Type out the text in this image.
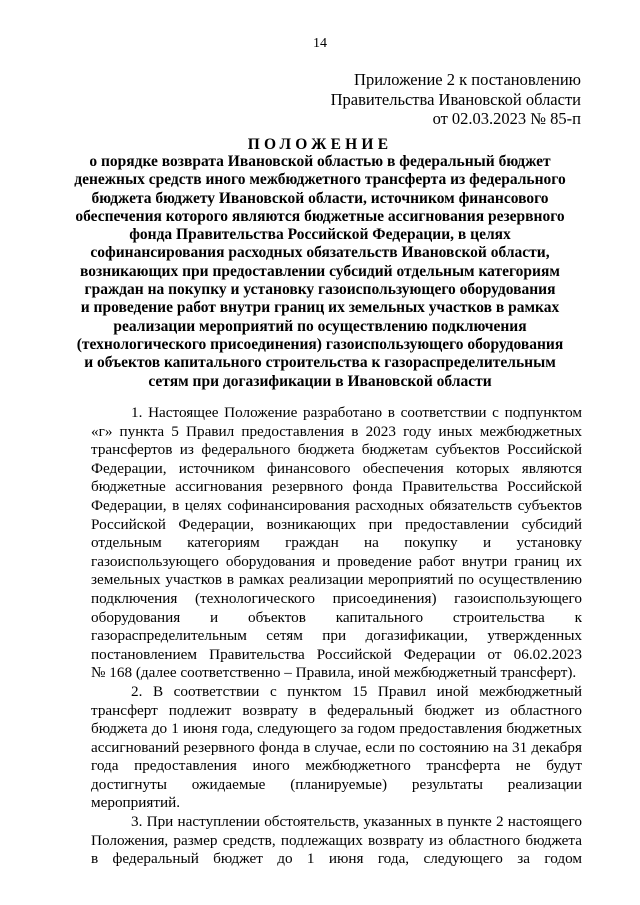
14
Приложение 2 к постановлению
Правительства Ивановской области
от 02.03.2023 № 85-п
ПОЛОЖЕНИЕ
о порядке возврата Ивановской областью в федеральный бюджет
денежных средств иного межбюджетного трансферта из федерального
бюджета бюджету Ивановской области, источником финансового
обеспечения которого являются бюджетные ассигнования резервного
фонда Правительства Российской Федерации, в целях
софинансирования расходных обязательств Ивановской области,
возникающих при предоставлении субсидий отдельным категориям
граждан на покупку и установку газоиспользующего оборудования
и проведение работ внутри границ их земельных участков в рамках
реализации мероприятий по осуществлению подключения
(технологического присоединения) газоиспользующего оборудования
и объектов капитального строительства к газораспределительным
сетям при догазификации в Ивановской области
1. Настоящее Положение разработано в соответствии с подпунктом
«г» пункта 5 Правил предоставления в 2023 году иных межбюджетных
трансфертов из федерального бюджета бюджетам субъектов Российской
Федерации, источником финансового обеспечения которых являются
бюджетные ассигнования резервного фонда Правительства Российской
Федерации, в целях софинансирования расходных обязательств субъектов
Российской Федерации, возникающих при предоставлении субсидий
отдельным категориям граждан на покупку и установку
газоиспользующего оборудования и проведение работ внутри границ их
земельных участков в рамках реализации мероприятий по осуществлению
подключения (технологического присоединения) газоиспользующего
оборудования и объектов капитального строительства к
газораспределительным сетям при догазификации, утвержденных
постановлением Правительства Российской Федерации от 06.02.2023
№ 168 (далее соответственно – Правила, иной межбюджетный трансферт).
2. В соответствии с пунктом 15 Правил иной межбюджетный
трансферт подлежит возврату в федеральный бюджет из областного
бюджета до 1 июня года, следующего за годом предоставления бюджетных
ассигнований резервного фонда в случае, если по состоянию на 31 декабря
года предоставления иного межбюджетного трансферта не будут
достигнуты ожидаемые (планируемые) результаты реализации
мероприятий.
3. При наступлении обстоятельств, указанных в пункте 2 настоящего
Положения, размер средств, подлежащих возврату из областного бюджета
в федеральный бюджет до 1 июня года, следующего за годом
